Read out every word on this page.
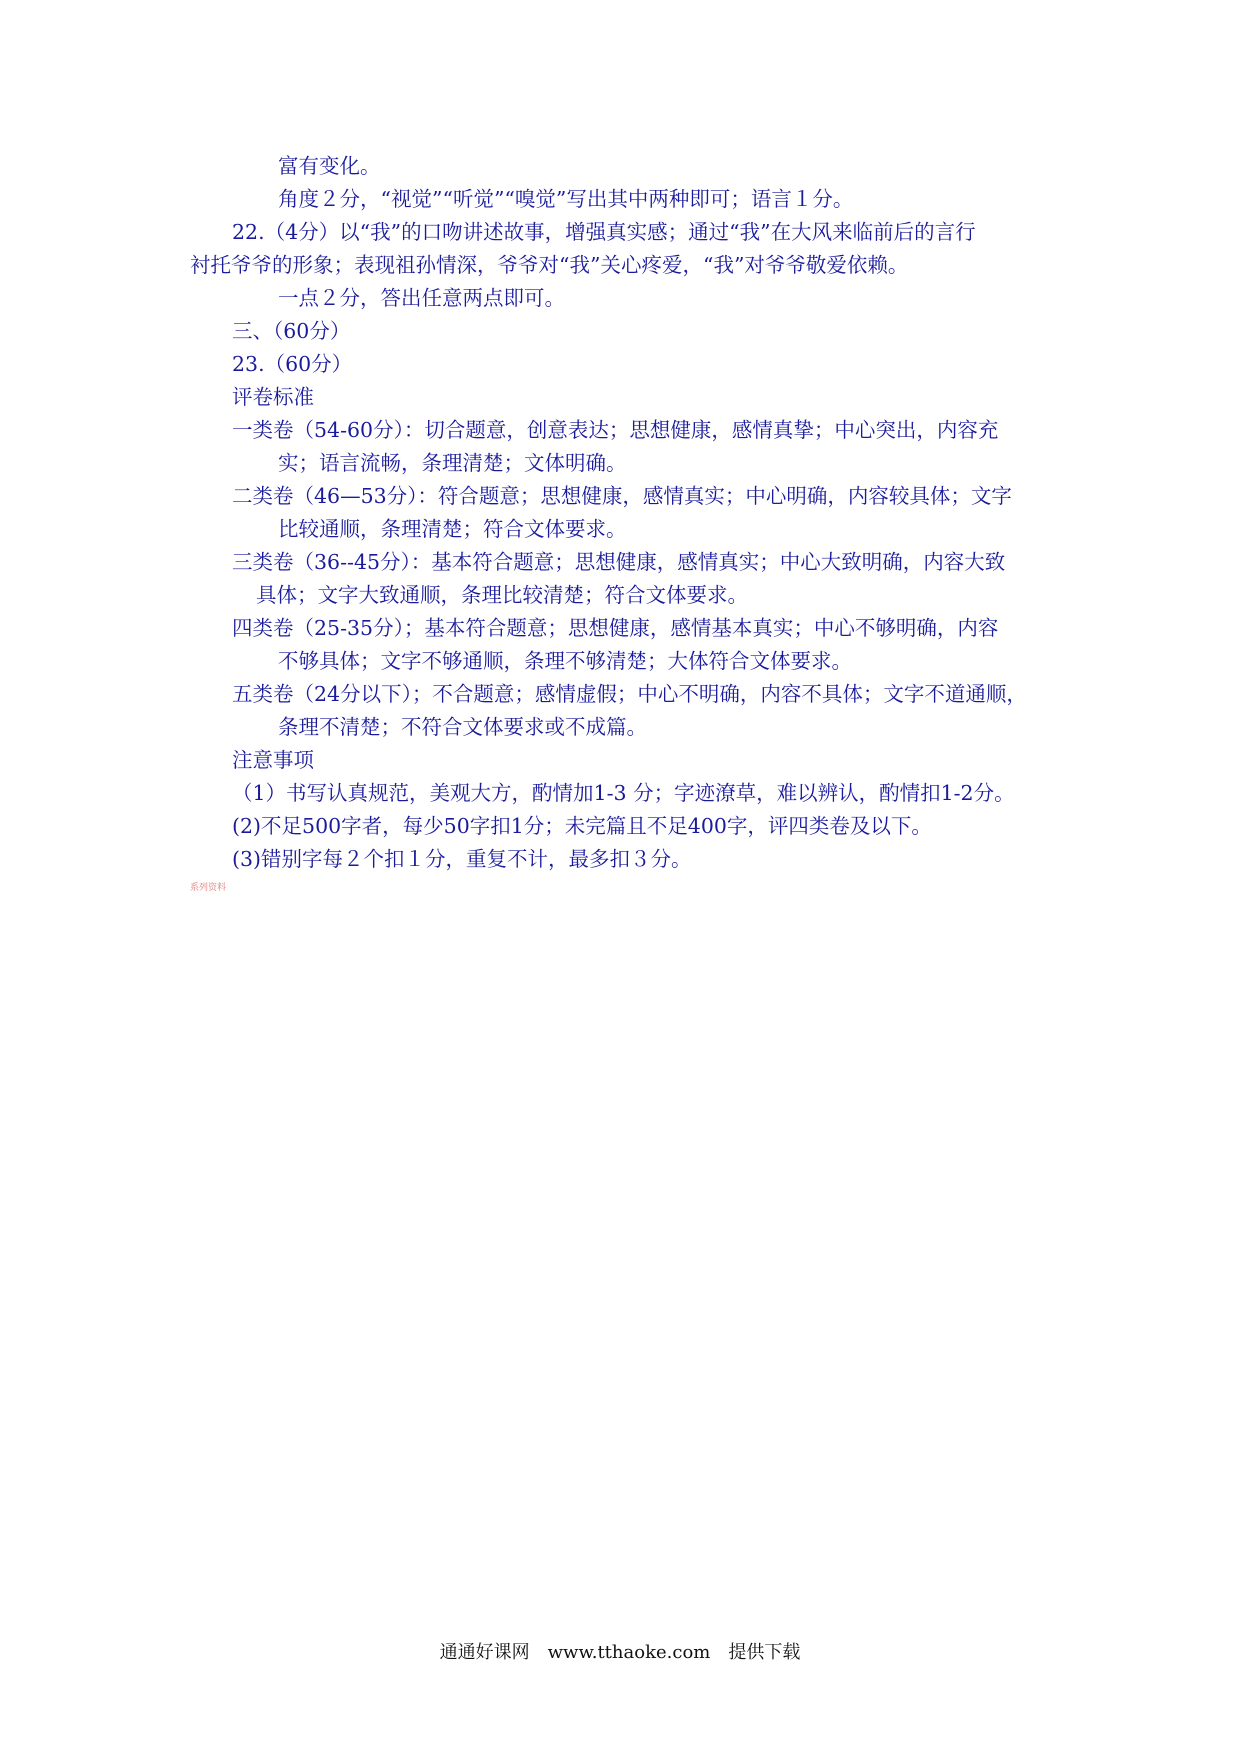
富有变化。
角度２分，“视觉”“听觉”“嗅觉”写出其中两种即可；语言１分。
22.（4分）以“我”的口吻讲述故事，增强真实感；通过“我”在大风来临前后的言行
衬托爷爷的形象；表现祖孙情深，爷爷对“我”关心疼爱，“我”对爷爷敬爱依赖。
一点２分，答出任意两点即可。
三、（60分）
23.（60分）
评卷标准
一类卷（54-60分）：切合题意，创意表达；思想健康，感情真挚；中心突出，内容充
实；语言流畅，条理清楚；文体明确。
二类卷（46—53分）：符合题意；思想健康，感情真实；中心明确，内容较具体；文字
比较通顺，条理清楚；符合文体要求。
三类卷（36--45分）：基本符合题意；思想健康，感情真实；中心大致明确，内容大致
具体；文字大致通顺，条理比较清楚；符合文体要求。
四类卷（25-35分）；基本符合题意；思想健康，感情基本真实；中心不够明确，内容
不够具体；文字不够通顺，条理不够清楚；大体符合文体要求。
五类卷（24分以下）；不合题意；感情虚假；中心不明确，内容不具体；文字不道通顺，
条理不清楚；不符合文体要求或不成篇。
注意事项
（1）书写认真规范，美观大方，酌情加1-3 分；字迹潦草，难以辨认，酌情扣1-2分。
(2)不足500字者，每少50字扣1分；未完篇且不足400字，评四类卷及以下。
(3)错别字每２个扣１分，重复不计，最多扣３分。
系列资料
通通好课网　www.tthaoke.com　提供下载
